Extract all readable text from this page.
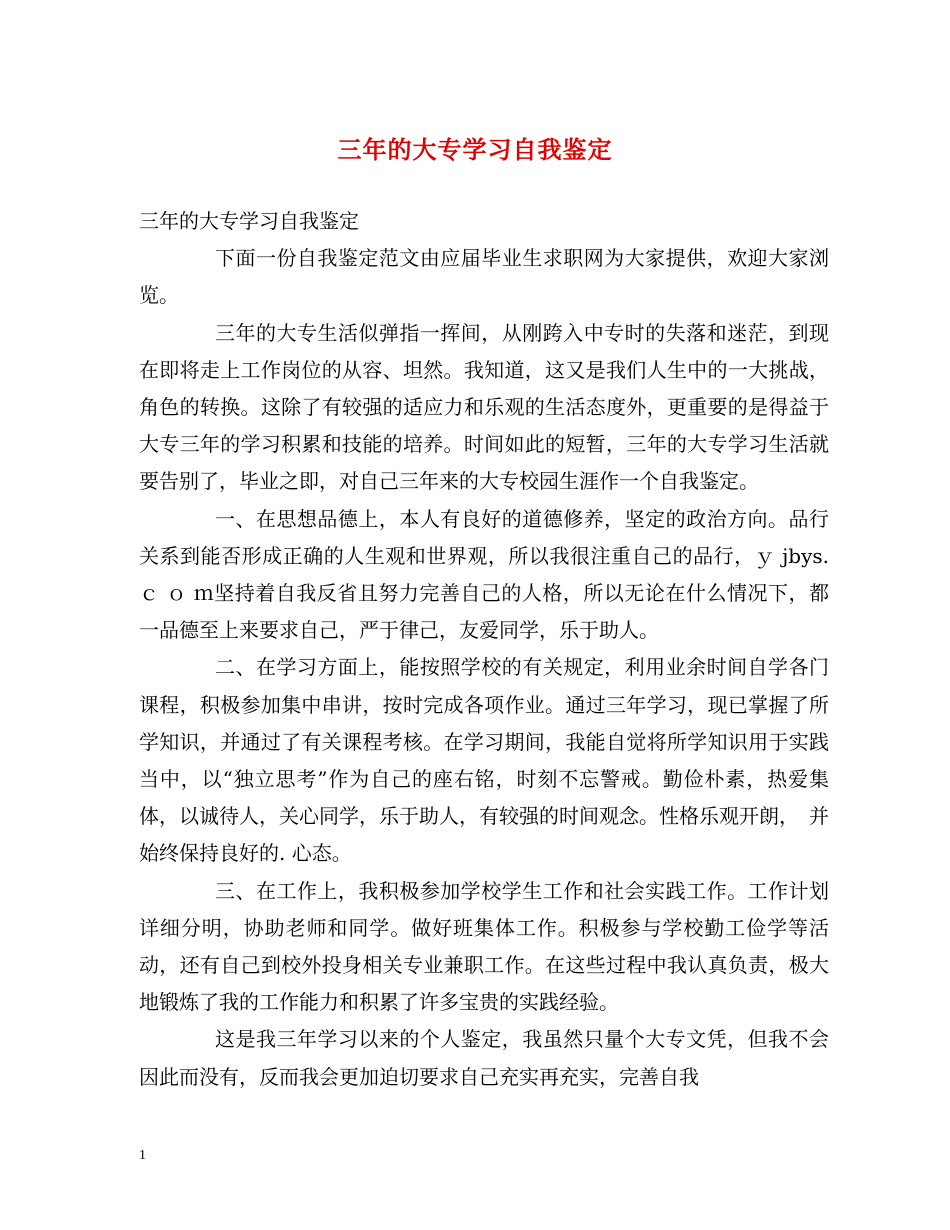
三年的大专学习自我鉴定

三年的大专学习自我鉴定

下面一份自我鉴定范文由应届毕业生求职网为大家提供，欢迎大家浏览。

三年的大专生活似弹指一挥间，从刚跨入中专时的失落和迷茫，到现在即将走上工作岗位的从容、坦然。我知道，这又是我们人生中的一大挑战，角色的转换。这除了有较强的适应力和乐观的生活态度外，更重要的是得益于大专三年的学习积累和技能的培养。时间如此的短暂，三年的大专学习生活就要告别了，毕业之即，对自己三年来的大专校园生涯作一个自我鉴定。

一、在思想品德上，本人有良好的道德修养，坚定的政治方向。品行关系到能否形成正确的人生观和世界观，所以我很注重自己的品行，ｙ jbys. ｃ ｏ ｍ坚持着自我反省且努力完善自己的人格，所以无论在什么情况下，都一品德至上来要求自己，严于律己，友爱同学，乐于助人。

二、在学习方面上，能按照学校的有关规定，利用业余时间自学各门课程，积极参加集中串讲，按时完成各项作业。通过三年学习，现已掌握了所学知识，并通过了有关课程考核。在学习期间，我能自觉将所学知识用于实践当中，以“独立思考”作为自己的座右铭，时刻不忘警戒。勤俭朴素，热爱集体，以诚待人，关心同学，乐于助人，有较强的时间观念。性格乐观开朗，　并始终保持良好的. 心态。

三、在工作上，我积极参加学校学生工作和社会实践工作。工作计划详细分明，协助老师和同学。做好班集体工作。积极参与学校勤工俭学等活动，还有自己到校外投身相关专业兼职工作。在这些过程中我认真负责，极大地锻炼了我的工作能力和积累了许多宝贵的实践经验。

这是我三年学习以来的个人鉴定，我虽然只量个大专文凭，但我不会因此而没有，反而我会更加迫切要求自己充实再充实，完善自我

1
